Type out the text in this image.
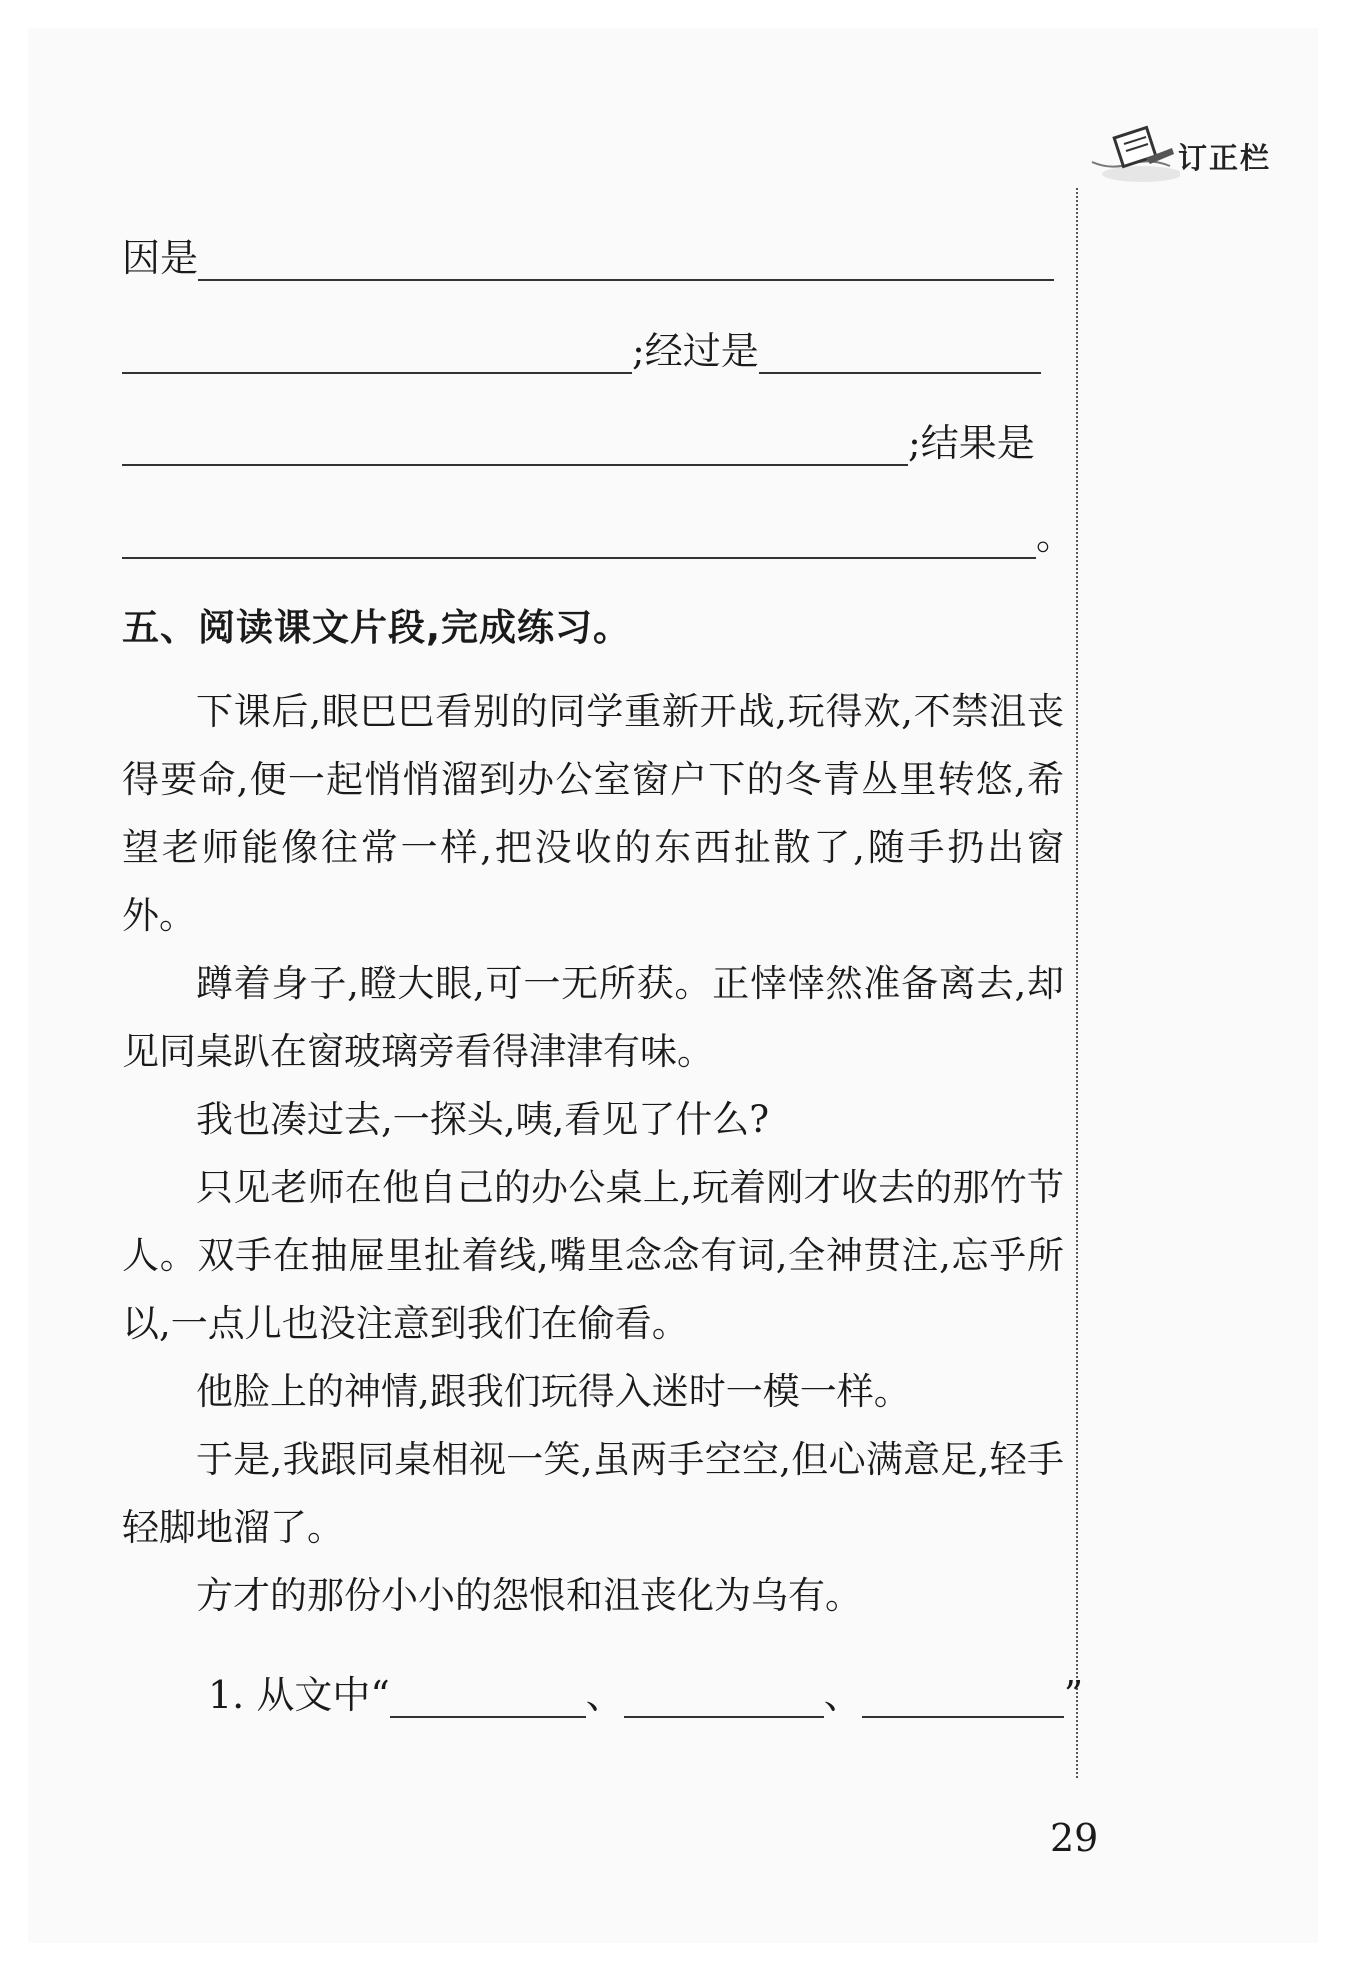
订正栏
因是
;经过是
;结果是
。
五、阅读课文片段,完成练习。

下课后,眼巴巴看别的同学重新开战,玩得欢,不禁沮丧得要命,便一起悄悄溜到办公室窗户下的冬青丛里转悠,希望老师能像往常一样,把没收的东西扯散了,随手扔出窗外。

蹲着身子,瞪大眼,可一无所获。正悻悻然准备离去,却见同桌趴在窗玻璃旁看得津津有味。

我也凑过去,一探头,咦,看见了什么?

只见老师在他自己的办公桌上,玩着刚才收去的那竹节人。双手在抽屉里扯着线,嘴里念念有词,全神贯注,忘乎所以,一点儿也没注意到我们在偷看。

他脸上的神情,跟我们玩得入迷时一模一样。

于是,我跟同桌相视一笑,虽两手空空,但心满意足,轻手轻脚地溜了。

方才的那份小小的怨恨和沮丧化为乌有。

1. 从文中“	、	、	”
29
